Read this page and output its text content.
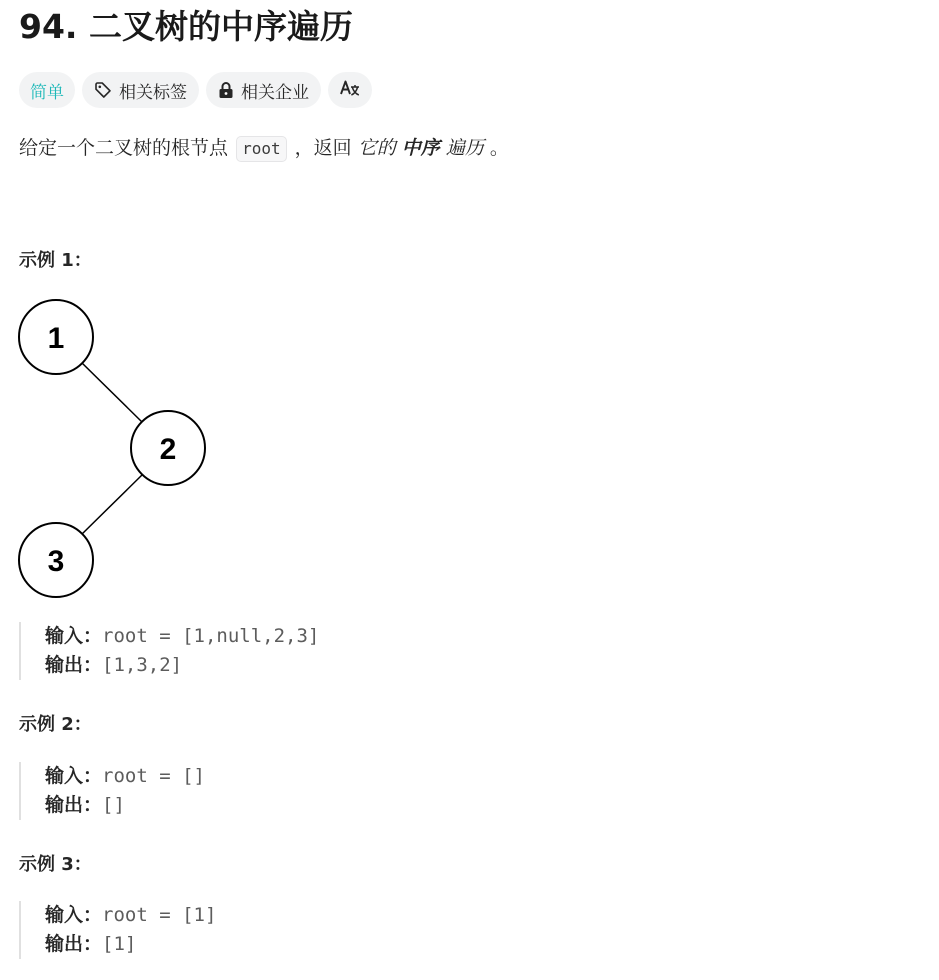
94. 二叉树的中序遍历
简单	相关标签	相关企业
给定一个二叉树的根节点 root ，返回 它的 中序 遍历 。
示例 1：
1
2
3
输入：root = [1,null,2,3]
输出：[1,3,2]
示例 2：
输入：root = []
输出：[]
示例 3：
输入：root = [1]
输出：[1]
